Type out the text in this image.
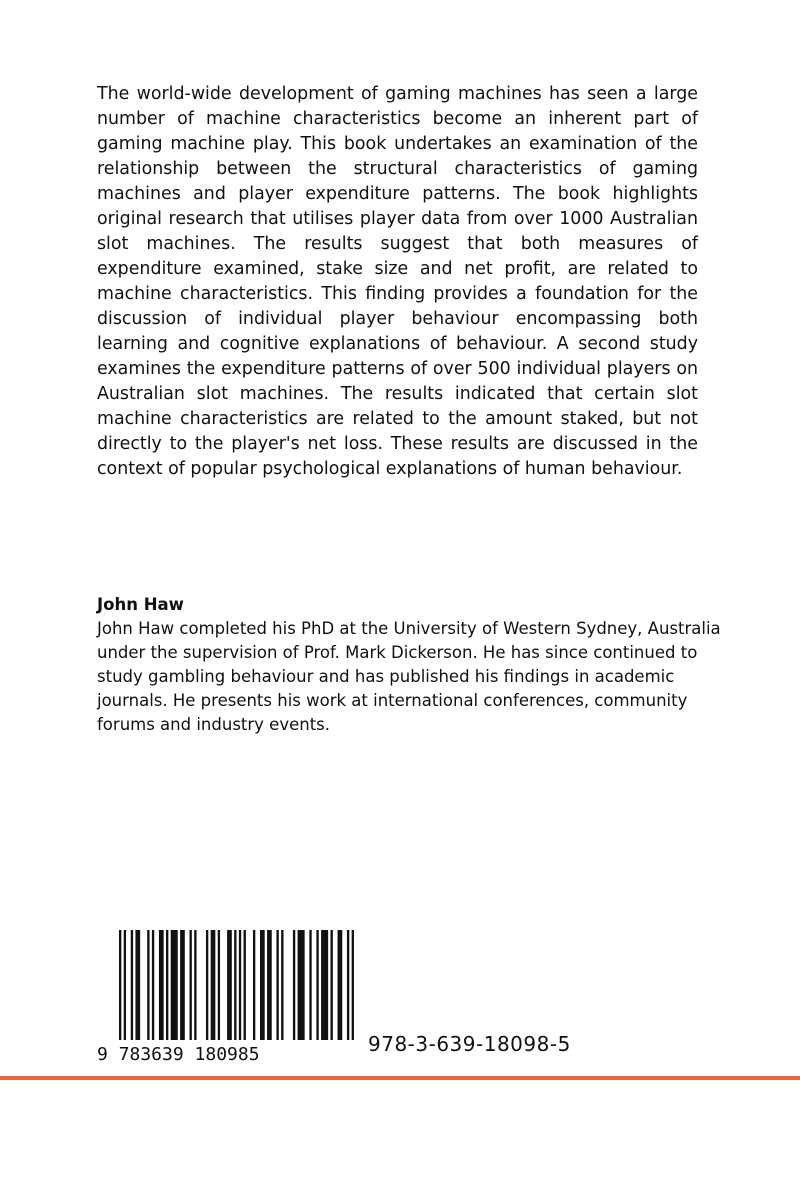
The world-wide development of gaming machines has seen a large number of machine characteristics become an inherent part of gaming machine play. This book undertakes an examination of the relationship between the structural characteristics of gaming machines and player expenditure patterns. The book highlights original research that utilises player data from over 1000 Australian slot machines. The results suggest that both measures of expenditure examined, stake size and net profit, are related to machine characteristics. This finding provides a foundation for the discussion of individual player behaviour encompassing both learning and cognitive explanations of behaviour. A second study examines the expenditure patterns of over 500 individual players on Australian slot machines. The results indicated that certain slot machine characteristics are related to the amount staked, but not directly to the player's net loss. These results are discussed in the context of popular psychological explanations of human behaviour.

John Haw

John Haw completed his PhD at the University of Western Sydney, Australia under the supervision of Prof. Mark Dickerson. He has since continued to study gambling behaviour and has published his findings in academic journals. He presents his work at international conferences, community forums and industry events.

9 783639 180985	978-3-639-18098-5
